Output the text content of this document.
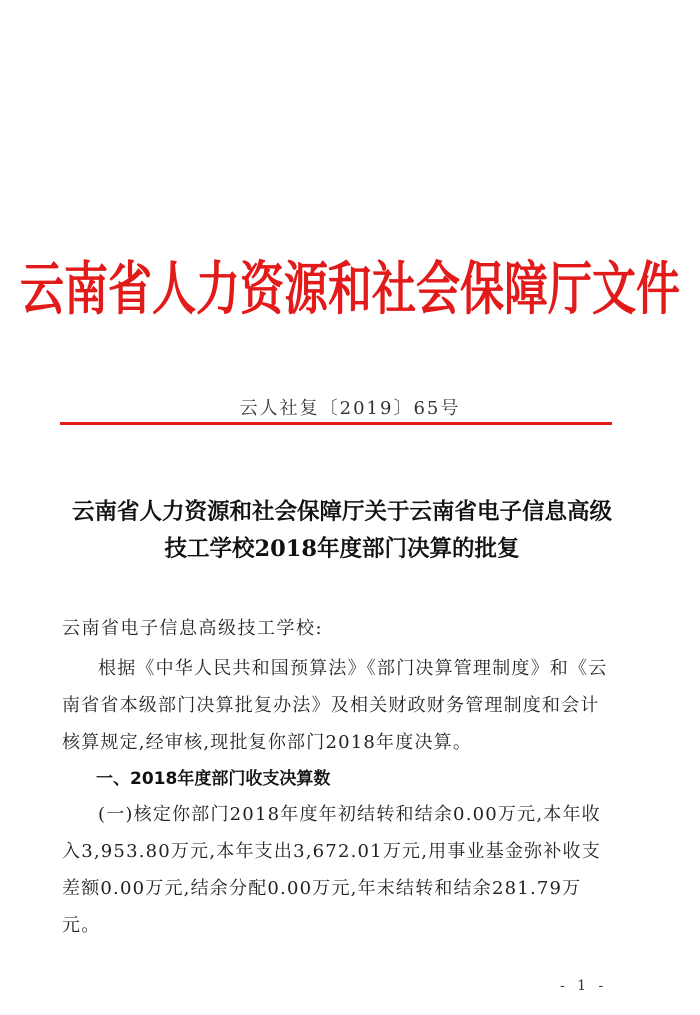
云南省人力资源和社会保障厅文件
云人社复〔2019〕65号
云南省人力资源和社会保障厅关于云南省电子信息高级技工学校2018年度部门决算的批复
云南省电子信息高级技工学校:
根据《中华人民共和国预算法》《部门决算管理制度》和《云南省省本级部门决算批复办法》及相关财政财务管理制度和会计核算规定,经审核,现批复你部门2018年度决算。
一、2018年度部门收支决算数
(一)核定你部门2018年度年初结转和结余0.00万元,本年收入3,953.80万元,本年支出3,672.01万元,用事业基金弥补收支差额0.00万元,结余分配0.00万元,年末结转和结余281.79万元。
- 1 -
